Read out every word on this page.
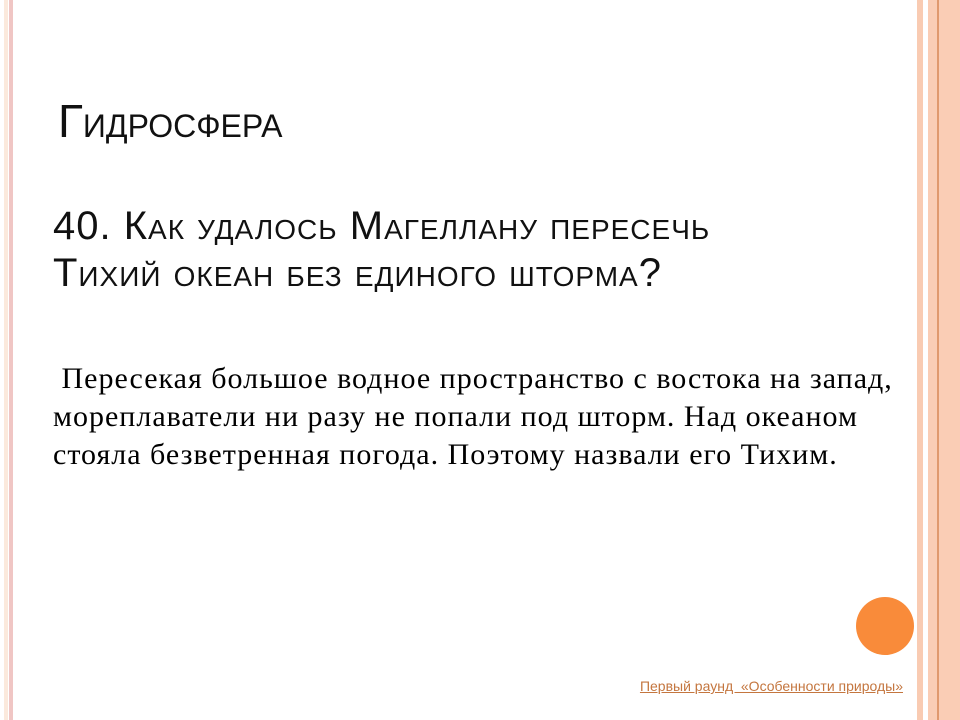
Гидросфера
40. Как удалось Магеллану пересечь
Тихий океан без единого шторма?
Пересекая большое водное пространство с востока на запад,
мореплаватели ни разу не попали под шторм. Над океаном
стояла безветренная погода. Поэтому назвали его Тихим.
Первый раунд  «Особенности природы»
